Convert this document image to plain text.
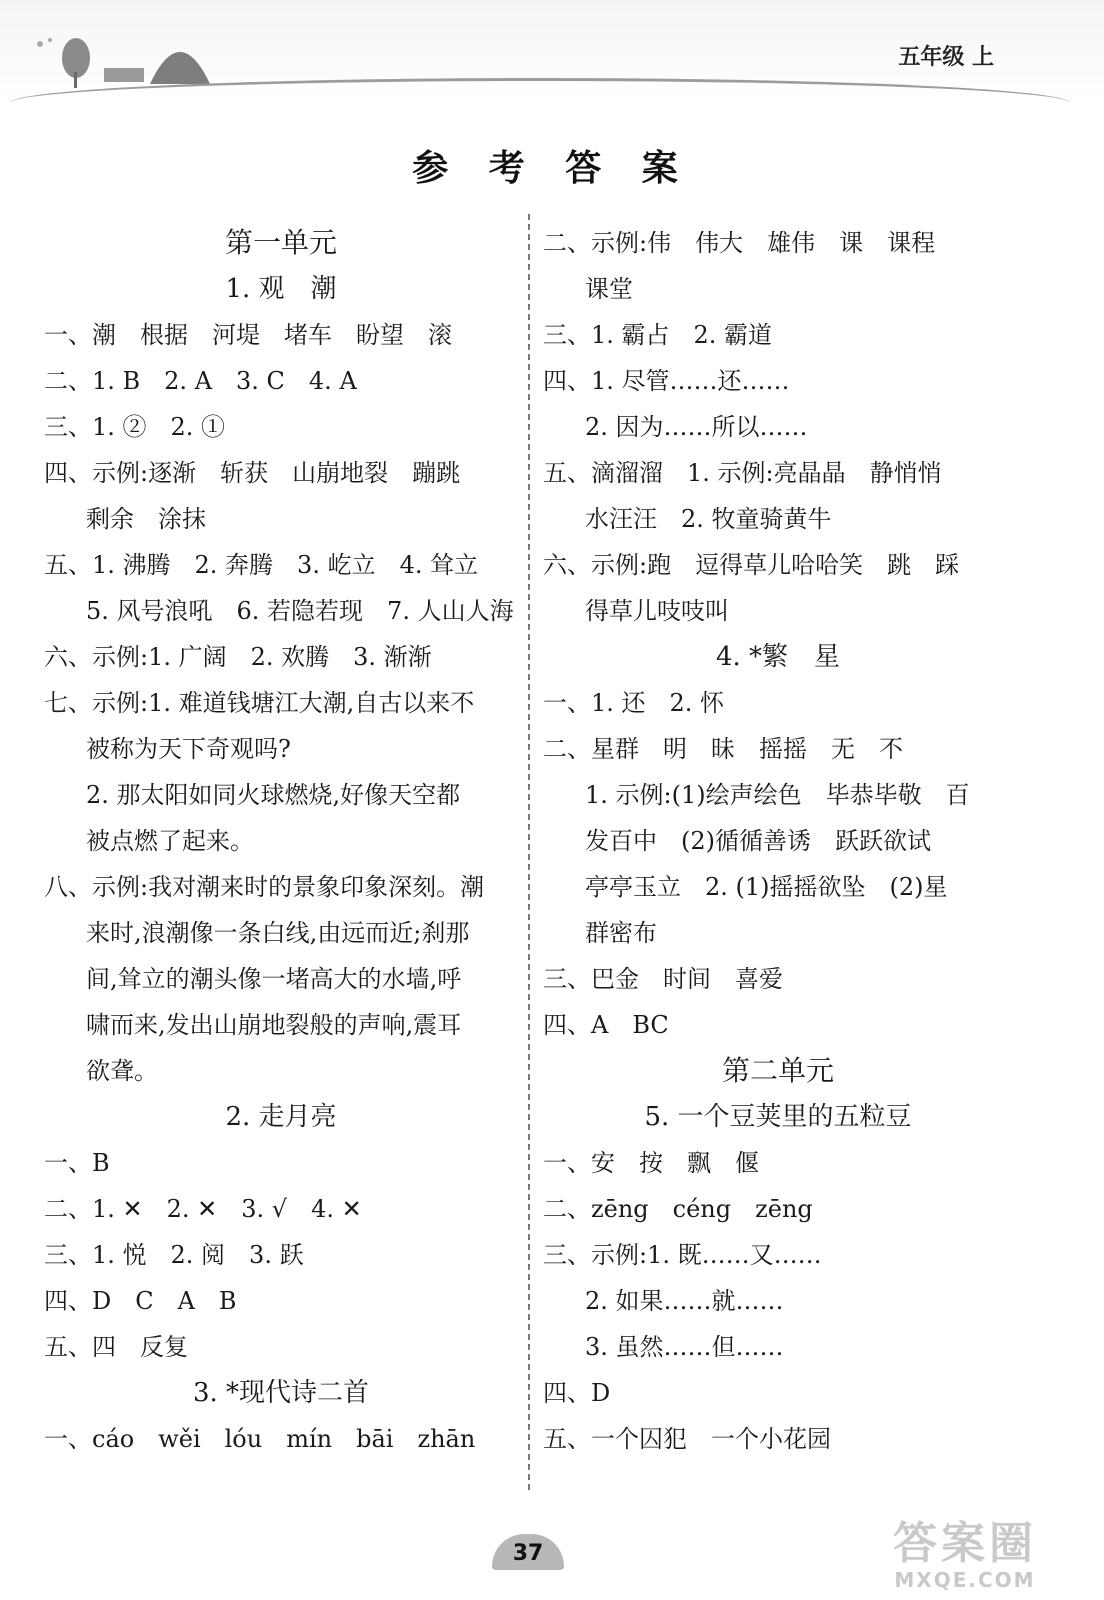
五年级 上
参 考 答 案
第一单元
1. 观　潮
一、潮　根据　河堤　堵车　盼望　滚
二、1. B　2. A　3. C　4. A
三、1. ②　2. ①
四、示例:逐渐　斩获　山崩地裂　蹦跳
剩余　涂抹
五、1. 沸腾　2. 奔腾　3. 屹立　4. 耸立
5. 风号浪吼　6. 若隐若现　7. 人山人海
六、示例:1. 广阔　2. 欢腾　3. 渐渐
七、示例:1. 难道钱塘江大潮,自古以来不
被称为天下奇观吗?
2. 那太阳如同火球燃烧,好像天空都
被点燃了起来。
八、示例:我对潮来时的景象印象深刻。潮
来时,浪潮像一条白线,由远而近;刹那
间,耸立的潮头像一堵高大的水墙,呼
啸而来,发出山崩地裂般的声响,震耳
欲聋。
2. 走月亮
一、B
二、1. ✕　2. ✕　3. √　4. ✕
三、1. 悦　2. 阅　3. 跃
四、D　C　A　B
五、四　反复
3. *现代诗二首
一、cáo　wěi　lóu　mín　bāi　zhān
二、示例:伟　伟大　雄伟　课　课程
课堂
三、1. 霸占　2. 霸道
四、1. 尽管……还……
2. 因为……所以……
五、滴溜溜　1. 示例:亮晶晶　静悄悄
水汪汪　2. 牧童骑黄牛
六、示例:跑　逗得草儿哈哈笑　跳　踩
得草儿吱吱叫
4. *繁　星
一、1. 还　2. 怀
二、星群　明　昧　摇摇　无　不
1. 示例:(1)绘声绘色　毕恭毕敬　百
发百中　(2)循循善诱　跃跃欲试
亭亭玉立　2. (1)摇摇欲坠　(2)星
群密布
三、巴金　时间　喜爱
四、A　BC
第二单元
5. 一个豆荚里的五粒豆
一、安　按　飘　偃
二、zēng　céng　zēng
三、示例:1. 既……又……
2. 如果……就……
3. 虽然……但……
四、D
五、一个囚犯　一个小花园
37	答案圈
MXQE.COM
